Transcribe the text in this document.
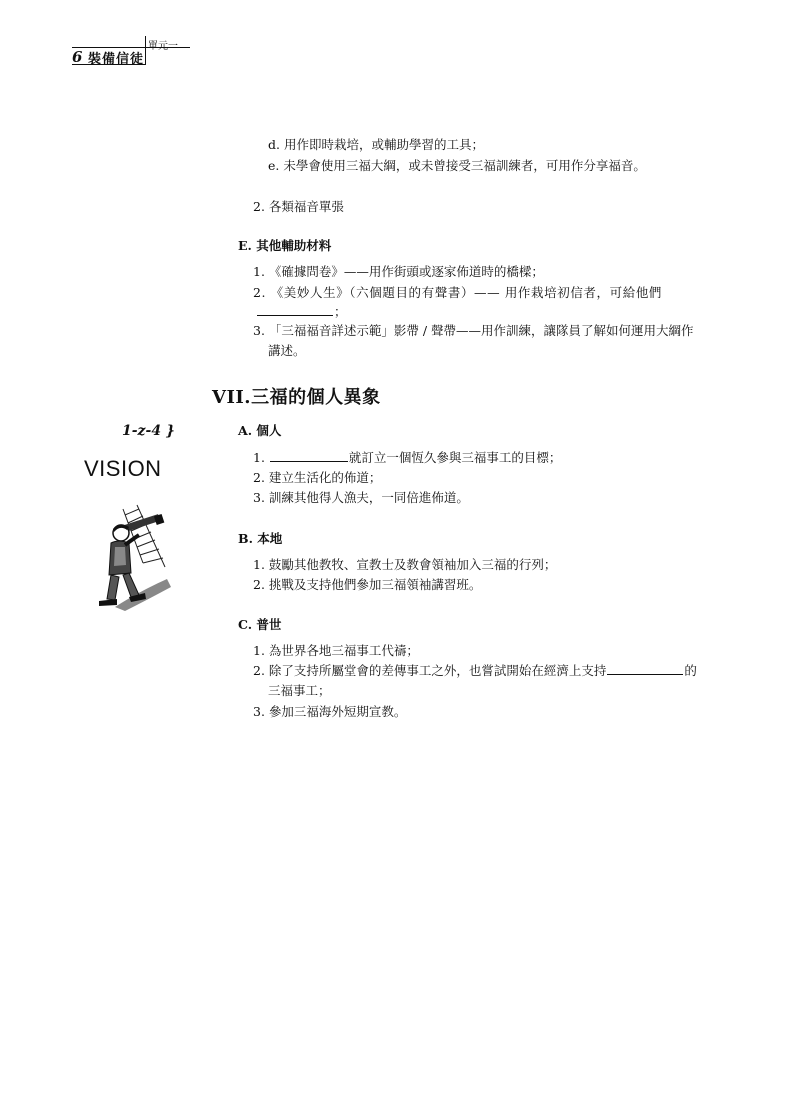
單元一
6 裝備信徒
d. 用作即時栽培，或輔助學習的工具；
e. 未學會使用三福大綱，或未曾接受三福訓練者，可用作分享福音。
2. 各類福音單張
E. 其他輔助材料
1. 《確據問卷》——用作街頭或逐家佈道時的橋樑；
2. 《美妙人生》（六個題目的有聲書）—— 用作栽培初信者，可給他們
；
3. 「三福福音詳述示範」影帶 / 聲帶——用作訓練，讓隊員了解如何運用大綱作
講述。
VII.三福的個人異象
1-z-4 }
VISION
A. 個人
1.	就訂立一個恆久參與三福事工的目標；
2. 建立生活化的佈道；
3. 訓練其他得人漁夫，一同倍進佈道。
B. 本地
1. 鼓勵其他教牧、宣教士及教會領袖加入三福的行列；
2. 挑戰及支持他們參加三福領袖講習班。
C. 普世
1. 為世界各地三福事工代禱；
2. 除了支持所屬堂會的差傳事工之外，也嘗試開始在經濟上支持	的
三福事工；
3. 參加三福海外短期宣教。
